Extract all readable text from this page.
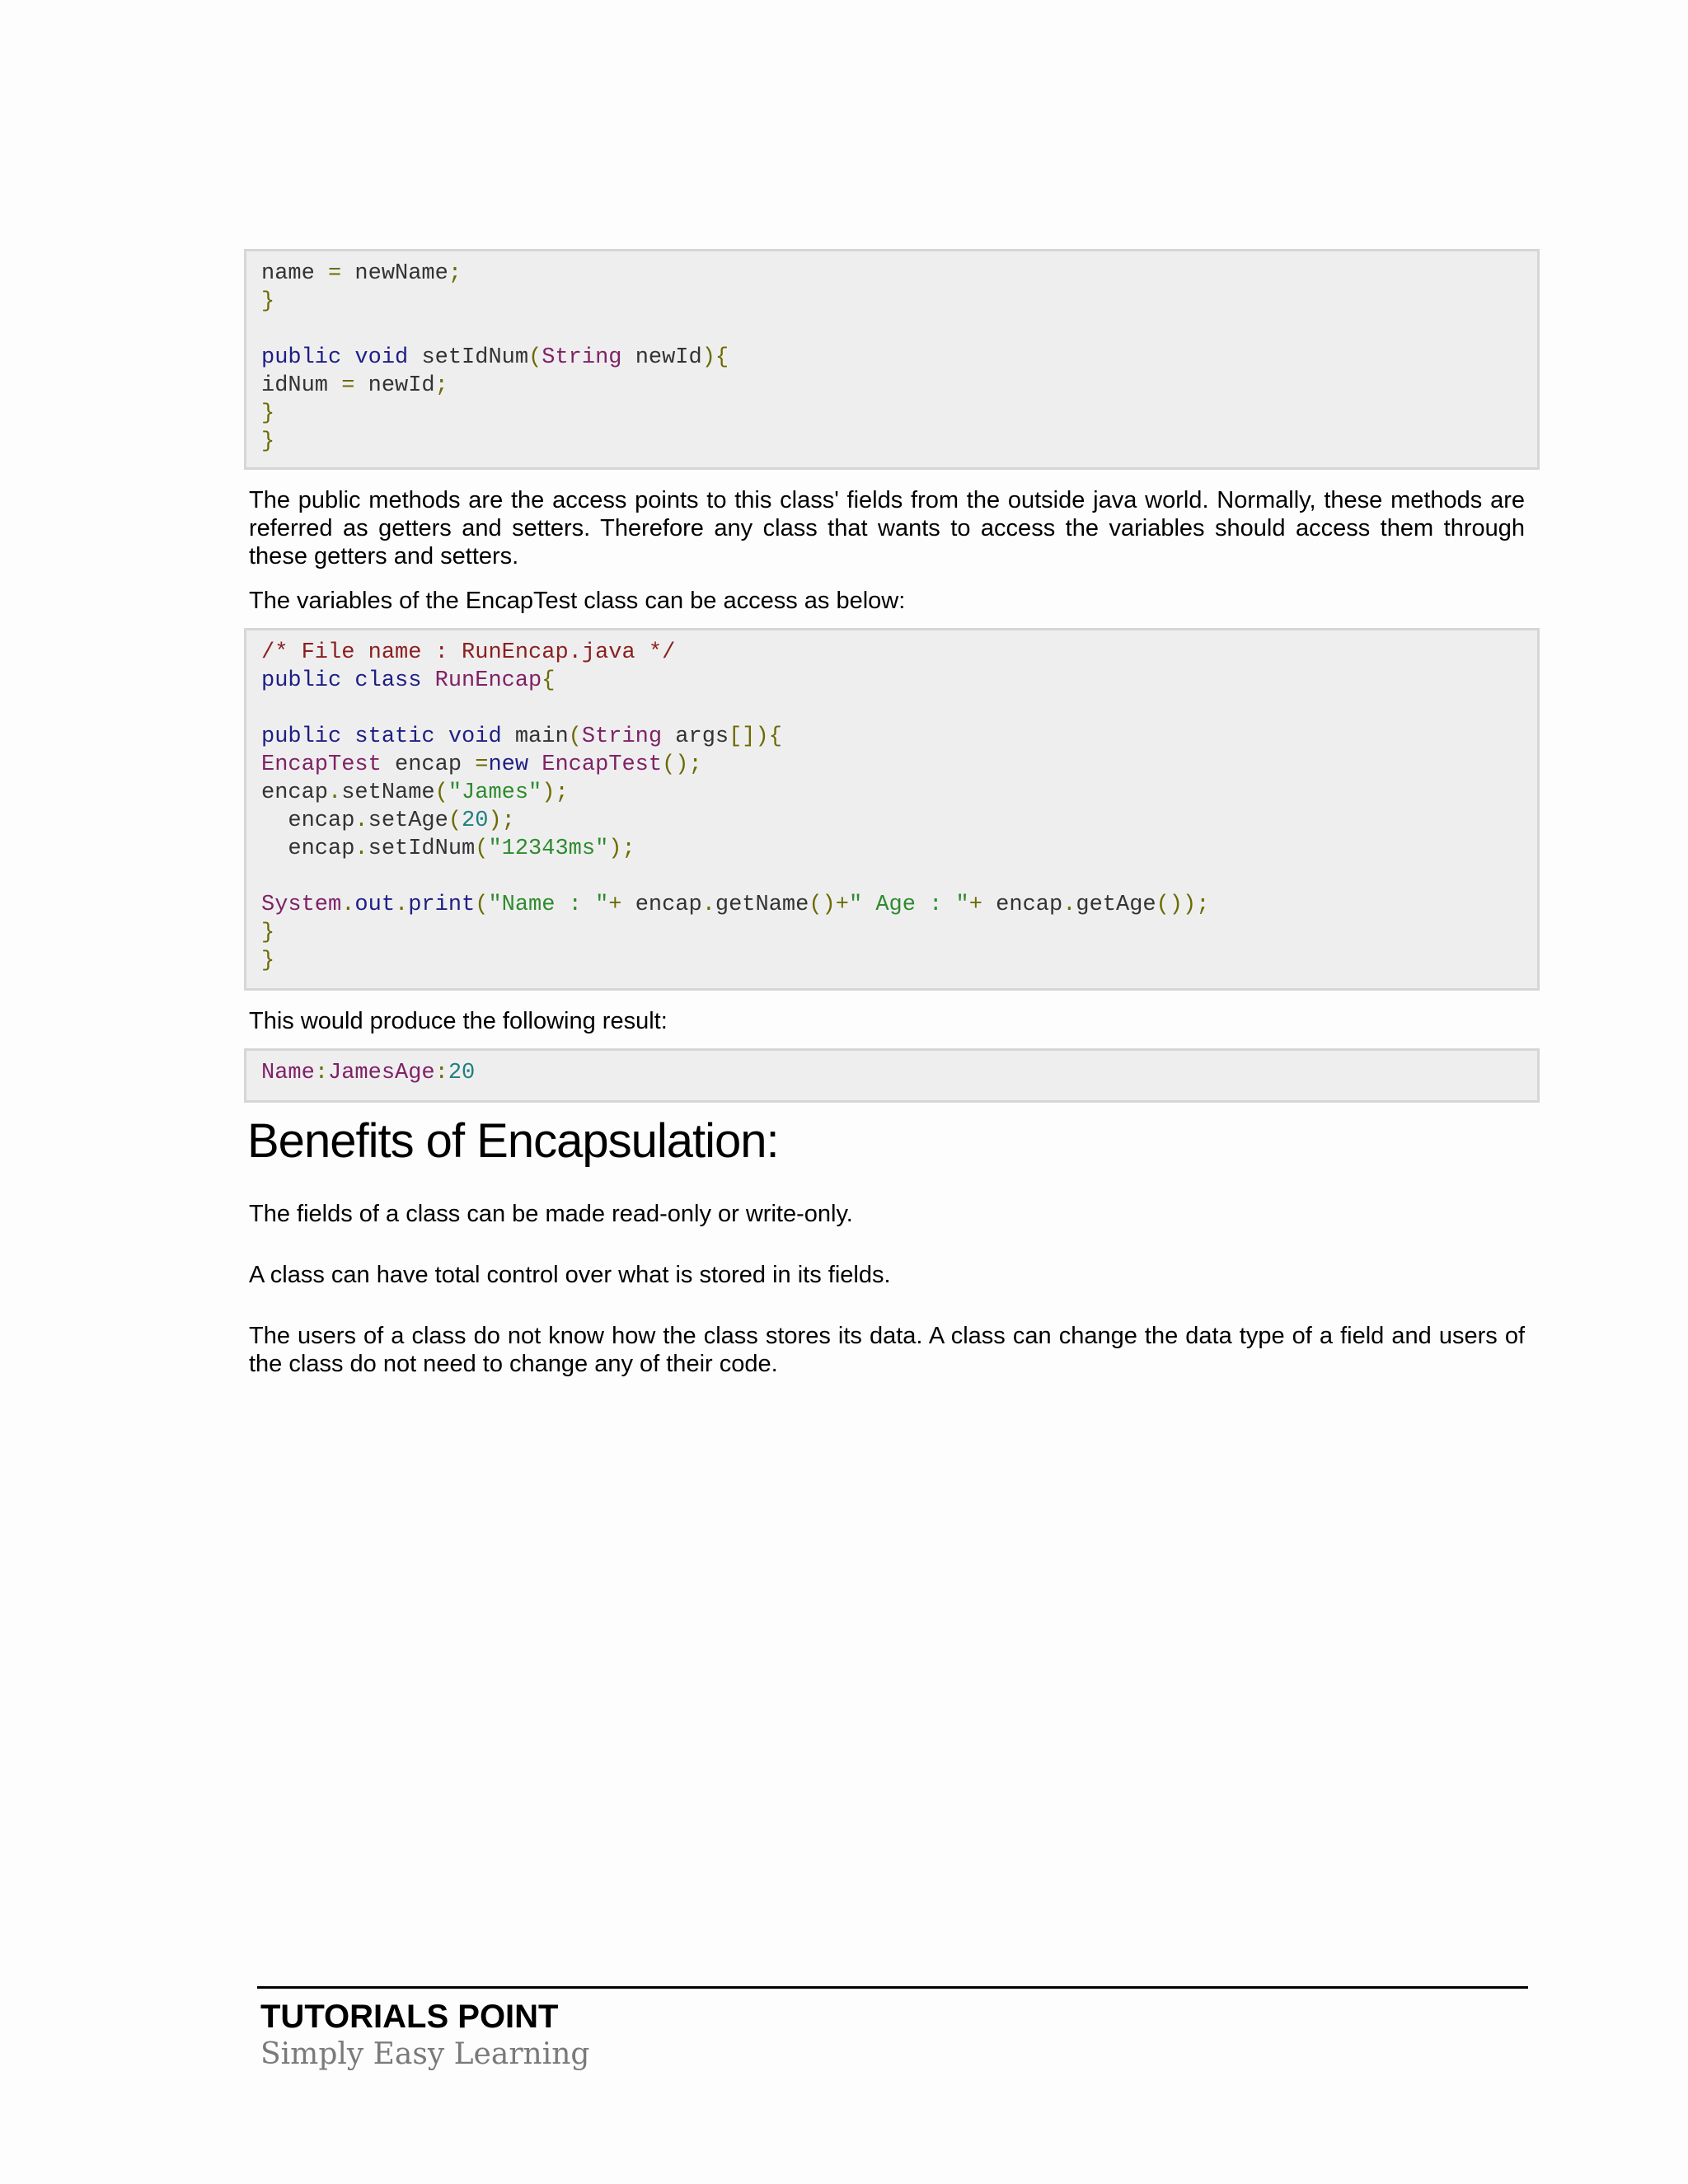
name = newName;
}

public void setIdNum(String newId){
idNum = newId;
}
}

The public methods are the access points to this class' fields from the outside java world. Normally, these methods are referred as getters and setters. Therefore any class that wants to access the variables should access them through these getters and setters.

The variables of the EncapTest class can be access as below:

/* File name : RunEncap.java */
public class RunEncap{

public static void main(String args[]){
EncapTest encap =new EncapTest();
encap.setName("James");
encap.setAge(20);
encap.setIdNum("12343ms");

System.out.print("Name : "+ encap.getName()+" Age : "+ encap.getAge());
}
}

This would produce the following result:

Name:JamesAge:20
Benefits of Encapsulation:

The fields of a class can be made read-only or write-only.

A class can have total control over what is stored in its fields.

The users of a class do not know how the class stores its data. A class can change the data type of a field and users of the class do not need to change any of their code.

TUTORIALS POINT
Simply Easy Learning
